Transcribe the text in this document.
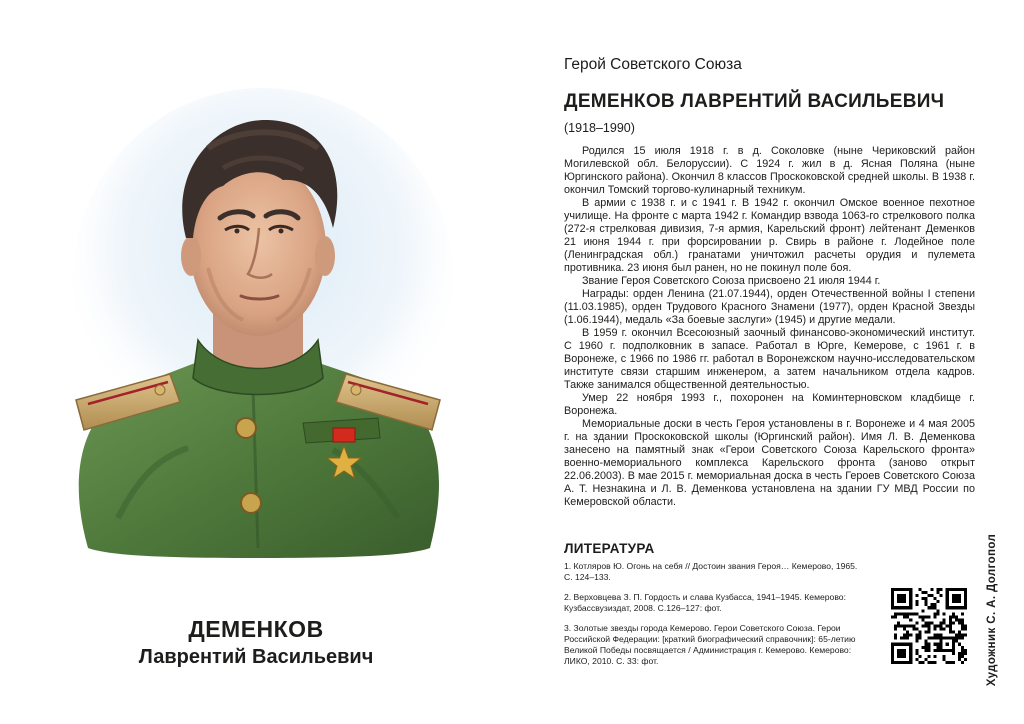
ДЕМЕНКОВ
Лаврентий Васильевич
Герой Советского Союза
ДЕМЕНКОВ ЛАВРЕНТИЙ ВАСИЛЬЕВИЧ
(1918–1990)

Родился 15 июля 1918 г. в д. Соколовке (ныне Чериковский район Могилевской обл. Белоруссии). С 1924 г. жил в д. Ясная Поляна (ныне Юргинского района). Окончил 8 классов Проскоковской средней школы. В 1938 г. окончил Томский торгово-кулинарный техникум.

В армии с 1938 г. и с 1941 г. В 1942 г. окончил Омское военное пехотное училище. На фронте с марта 1942 г. Командир взвода 1063-го стрелкового полка (272-я стрелковая дивизия, 7-я армия, Карельский фронт) лейтенант Деменков 21 июня 1944 г. при форсировании р. Свирь в районе г. Лодейное поле (Ленинградская обл.) гранатами уничтожил расчеты орудия и пулемета противника. 23 июня был ранен, но не покинул поле боя.

Звание Героя Советского Союза присвоено 21 июля 1944 г.

Награды: орден Ленина (21.07.1944), орден Отечественной войны I степени (11.03.1985), орден Трудового Красного Знамени (1977), орден Красной Звезды (1.06.1944), медаль «За боевые заслуги» (1945) и другие медали.

В 1959 г. окончил Всесоюзный заочный финансово-экономический институт. С 1960 г. подполковник в запасе. Работал в Юрге, Кемерове, с 1961 г. в Воронеже, с 1966 по 1986 гг. работал в Воронежском научно-исследовательском институте связи старшим инженером, а затем начальником отдела кадров. Также занимался общественной деятельностью.

Умер 22 ноября 1993 г., похоронен на Коминтерновском кладбище г. Воронежа.

Мемориальные доски в честь Героя установлены в г. Воронеже и 4 мая 2005 г. на здании Проскоковской школы (Юргинский район). Имя Л. В. Деменкова занесено на памятный знак «Герои Советского Союза Карельского фронта» военно-мемориального комплекса Карельского фронта (заново открыт 22.06.2003). В мае 2015 г. мемориальная доска в честь Героев Советского Союза А. Т. Незнакина и Л. В. Деменкова установлена на здании ГУ МВД России по Кемеровской области.

ЛИТЕРАТУРА

1. Котляров Ю. Огонь на себя // Достоин звания Героя… Кемерово, 1965. С. 124–133.

2. Верховцева З. П. Гордость и слава Кузбасса, 1941–1945. Кемерово: Кузбассвузиздат, 2008. С.126–127: фот.

3. Золотые звезды города Кемерово. Герои Советского Союза. Герои Российской Федерации: [краткий биографический справочник]: 65-летию Великой Победы посвящается / Администрация г. Кемерово. Кемерово: ЛИКО, 2010. С. 33: фот.	Художник С. А. Долгопол
